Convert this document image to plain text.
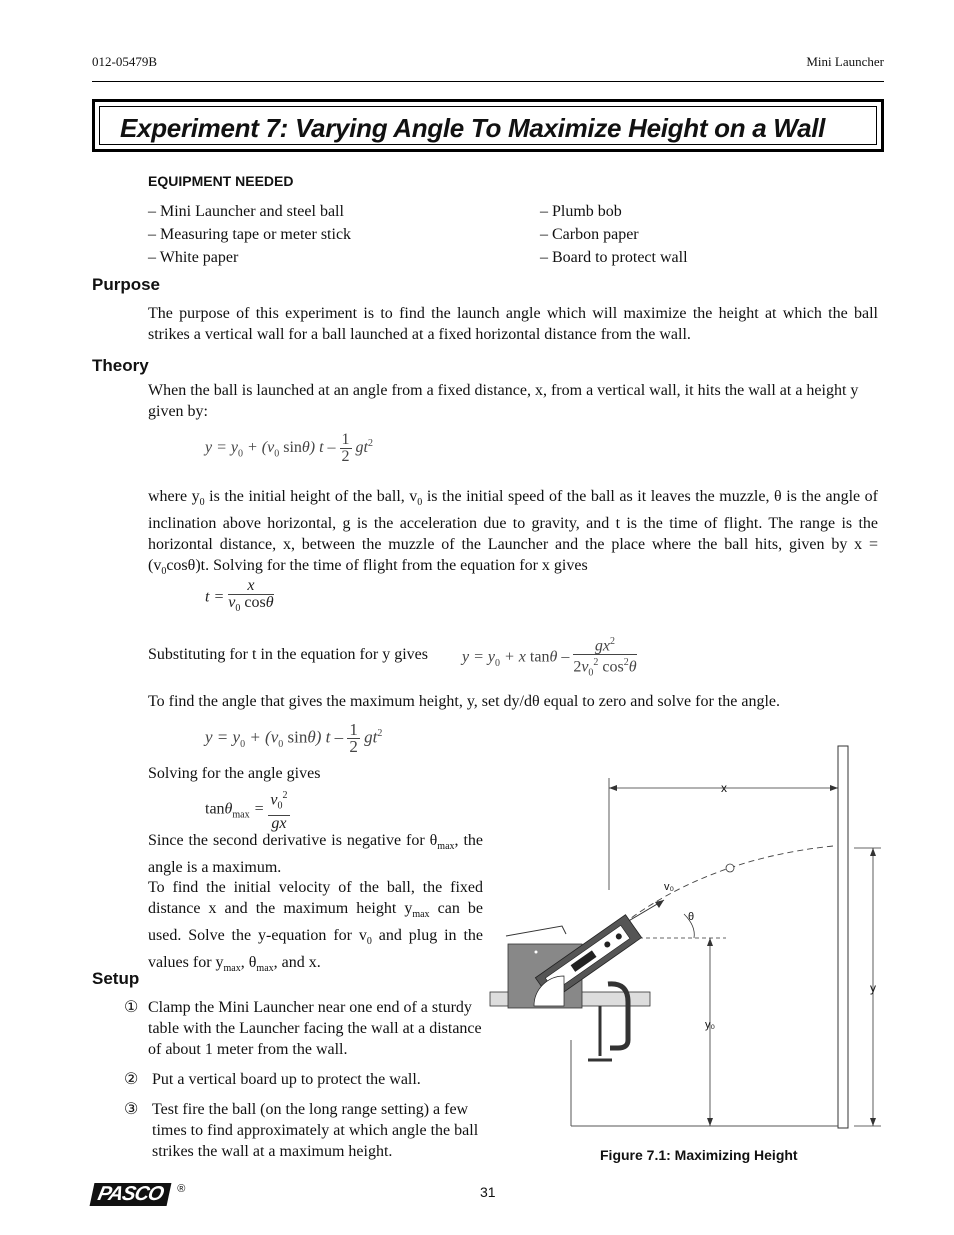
012-05479B	Mini Launcher
Experiment 7: Varying Angle To Maximize Height on a Wall
EQUIPMENT NEEDED
– Mini Launcher and steel ball
– Measuring tape or meter stick
– White paper
– Plumb bob
– Carbon paper
– Board to protect wall
Purpose
The purpose of this experiment is to find the launch angle which will maximize the height at which the ball strikes a vertical wall for a ball launched at a fixed horizontal distance from the wall.
Theory
When the ball is launched at an angle from a fixed distance, x, from a vertical wall, it hits the wall at a height y given by:
$y = y_0 + (v_0$ sinθ) t – $\frac{1}{2} gt^2$
where $y_0$ is the initial height of the ball, $v_0$ is the initial speed of the ball as it leaves the muzzle, θ is the angle of inclination above horizontal, g is the acceleration due to gravity, and t is the time of flight. The range is the horizontal distance, x, between the muzzle of the Launcher and the place where the ball hits, given by $x = (v_0\cos\theta)t$. Solving for the time of flight from the equation for x gives
$t = \frac{x}{v_0 \cos\theta}$
Substituting for t in the equation for y gives $y = y_0 + x$ tanθ – $\frac{gx^2}{2v_0^2 \cos^2\theta}$
To find the angle that gives the maximum height, y, set dy/dθ equal to zero and solve for the angle.
$y = y_0 + (v_0$ sinθ) t – $\frac{1}{2} gt^2$
Solving for the angle gives
$\tan\theta_{max} = \frac{v_0^2}{gx}$
Since the second derivative is negative for $\theta_{max}$, the angle is a maximum.
To find the initial velocity of the ball, the fixed distance x and the maximum height $y_{max}$ can be used. Solve the y-equation for $v_0$ and plug in the values for $y_{max}$, $\theta_{max}$, and x.
Setup
① Clamp the Mini Launcher near one end of a sturdy table with the Launcher facing the wall at a distance of about 1 meter from the wall.
② Put a vertical board up to protect the wall.
③ Test fire the ball (on the long range setting) a few times to find approximately at which angle the ball strikes the wall at a maximum height.
x
y
y₀
v₀
θ
Figure 7.1: Maximizing Height
PASCO ®	31
